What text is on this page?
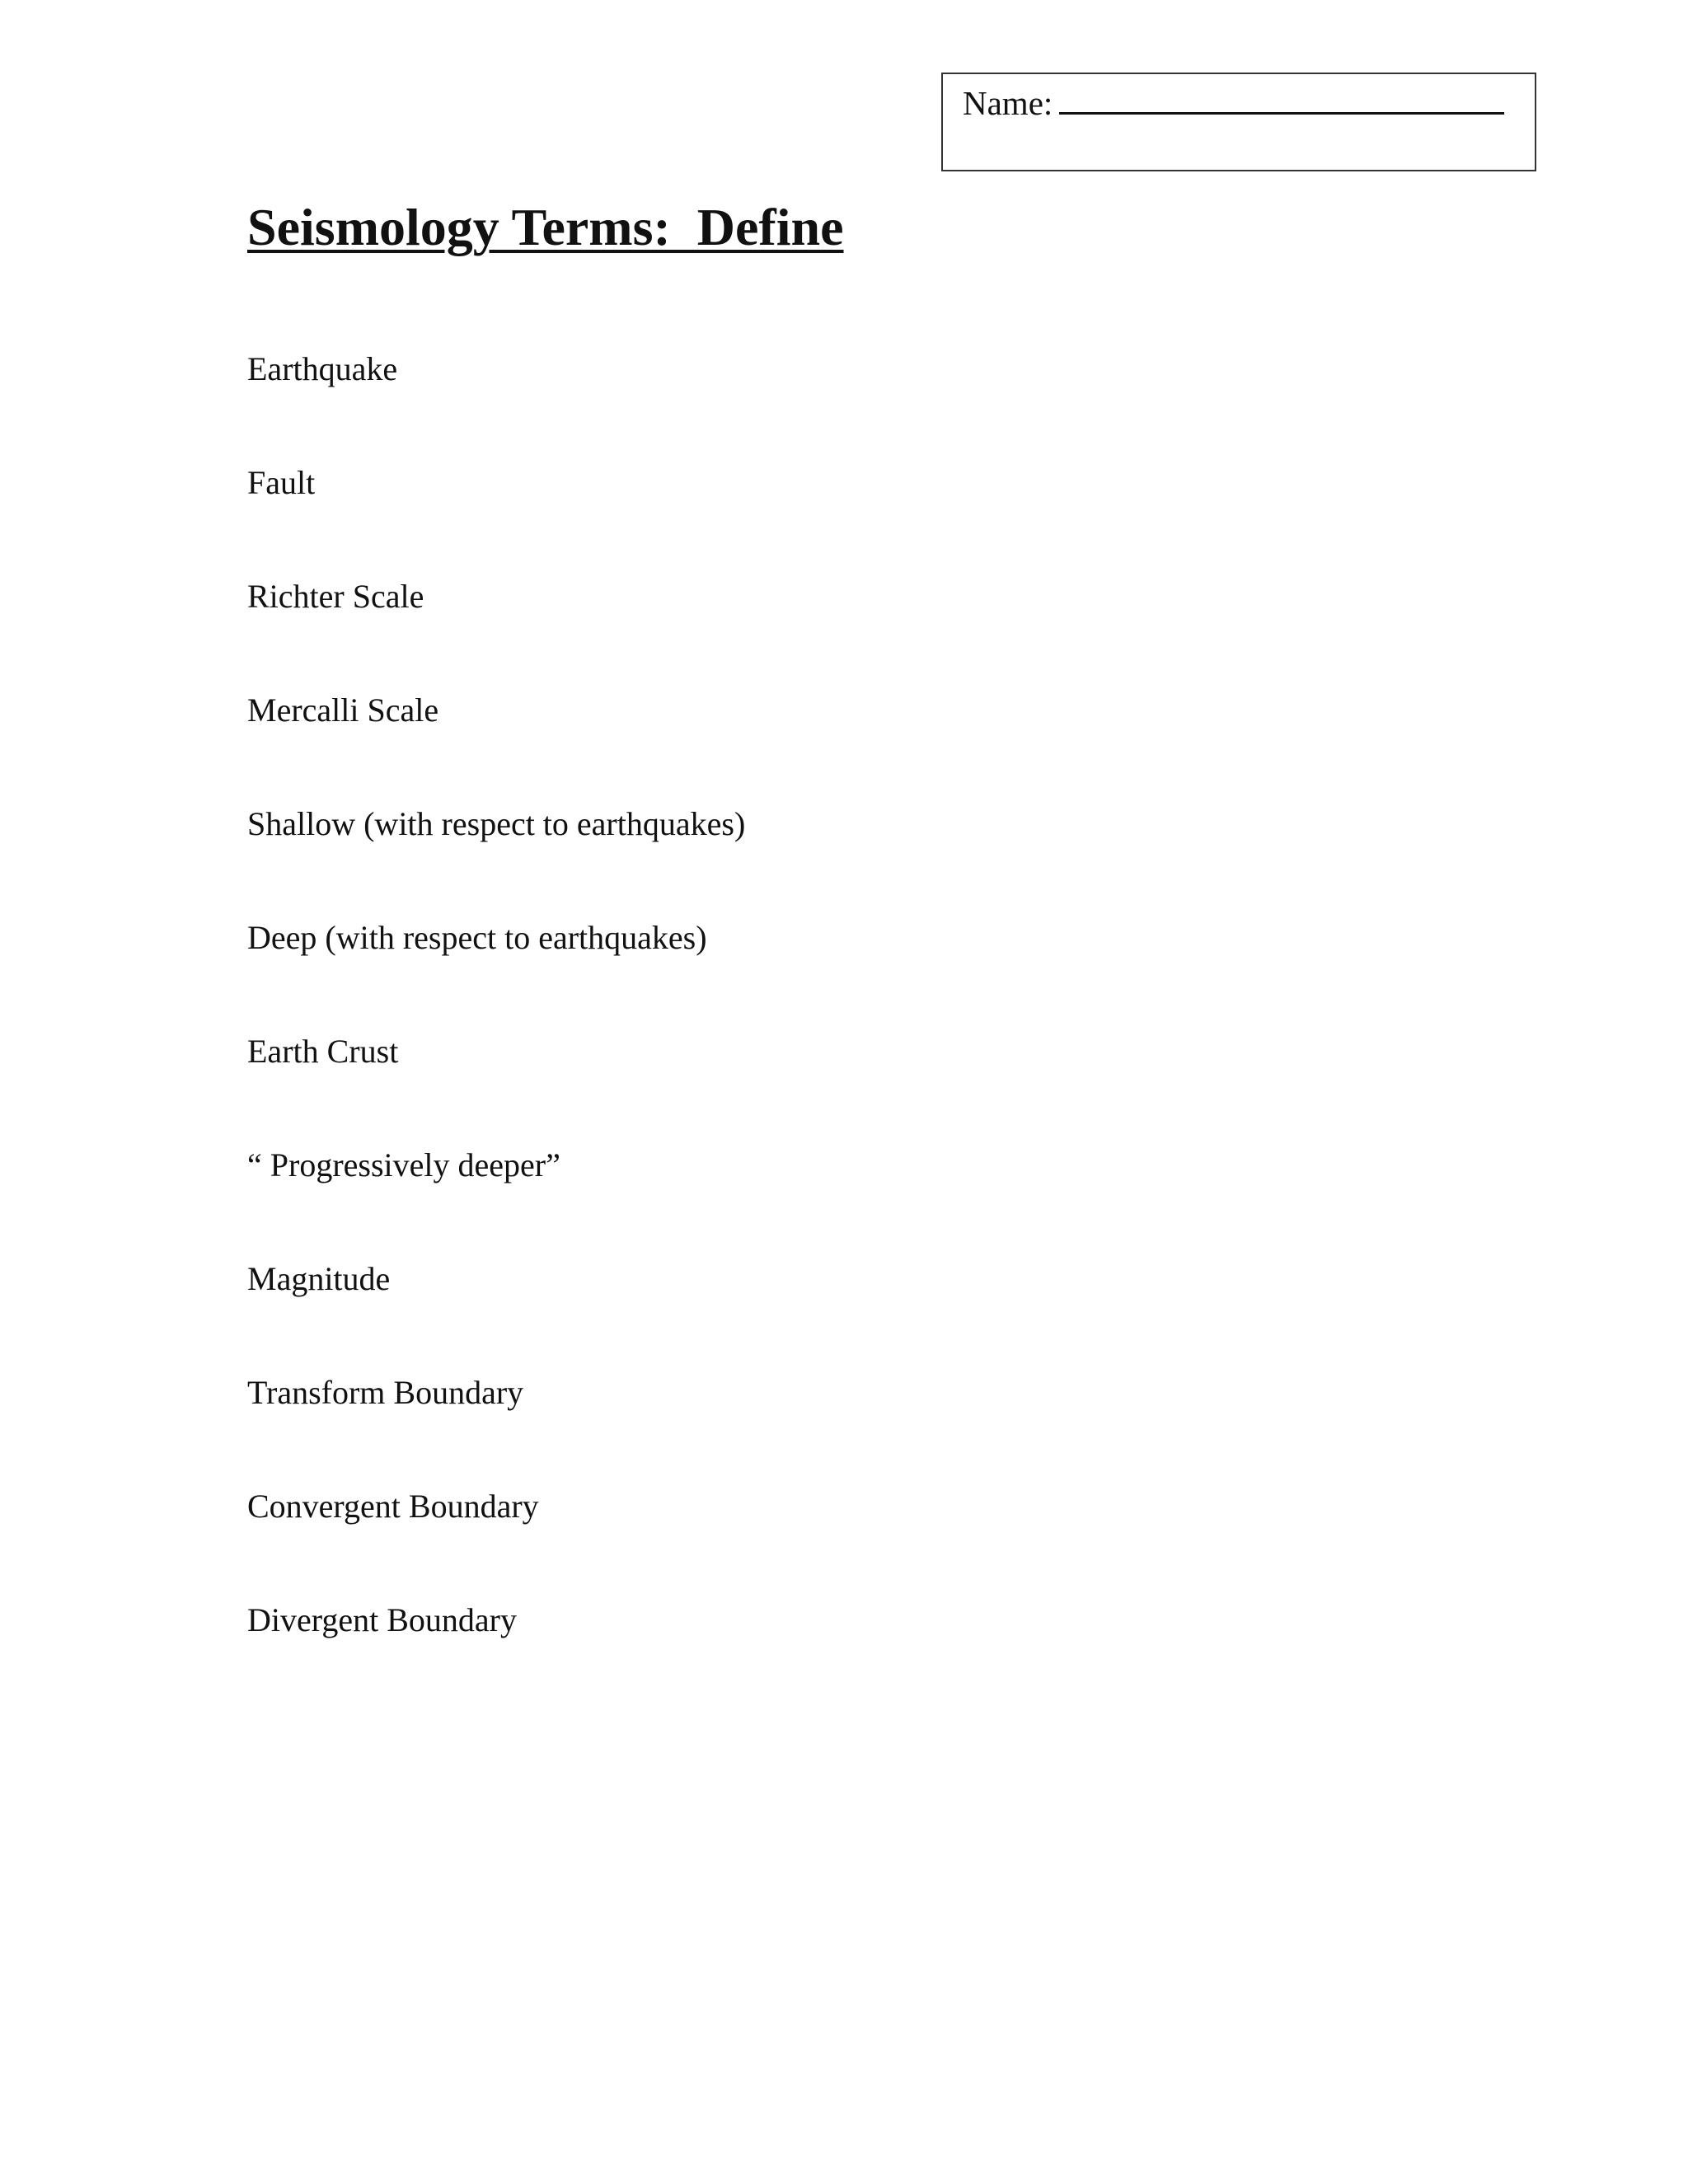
Name:
Seismology Terms:  Define
Earthquake
Fault
Richter Scale
Mercalli Scale
Shallow (with respect to earthquakes)
Deep (with respect to earthquakes)
Earth Crust
“ Progressively deeper”
Magnitude
Transform Boundary
Convergent Boundary
Divergent Boundary
